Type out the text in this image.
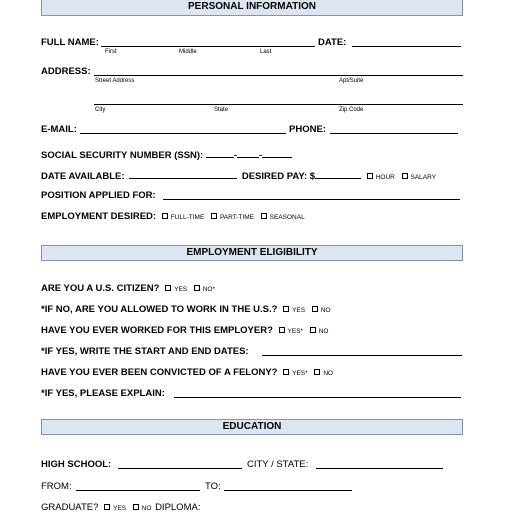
PERSONAL INFORMATION
FULL NAME:
First	Middle	Last
DATE:
ADDRESS:
Street Address	Apt/Suite
City	State	Zip Code
E-MAIL:	PHONE:
SOCIAL SECURITY NUMBER (SSN):	- -
DATE AVAILABLE:	DESIRED PAY: $	HOUR SALARY
POSITION APPLIED FOR:
EMPLOYMENT DESIRED: FULL-TIME PART-TIME SEASONAL
EMPLOYMENT ELIGIBILITY
ARE YOU A U.S. CITIZEN? YES NO*
*IF NO, ARE YOU ALLOWED TO WORK IN THE U.S.? YES NO
HAVE YOU EVER WORKED FOR THIS EMPLOYER? YES* NO
*IF YES, WRITE THE START AND END DATES:
HAVE YOU EVER BEEN CONVICTED OF A FELONY? YES* NO
*IF YES, PLEASE EXPLAIN:
EDUCATION
HIGH SCHOOL:	CITY / STATE:
FROM:	TO:
GRADUATE? YES NO DIPLOMA:
